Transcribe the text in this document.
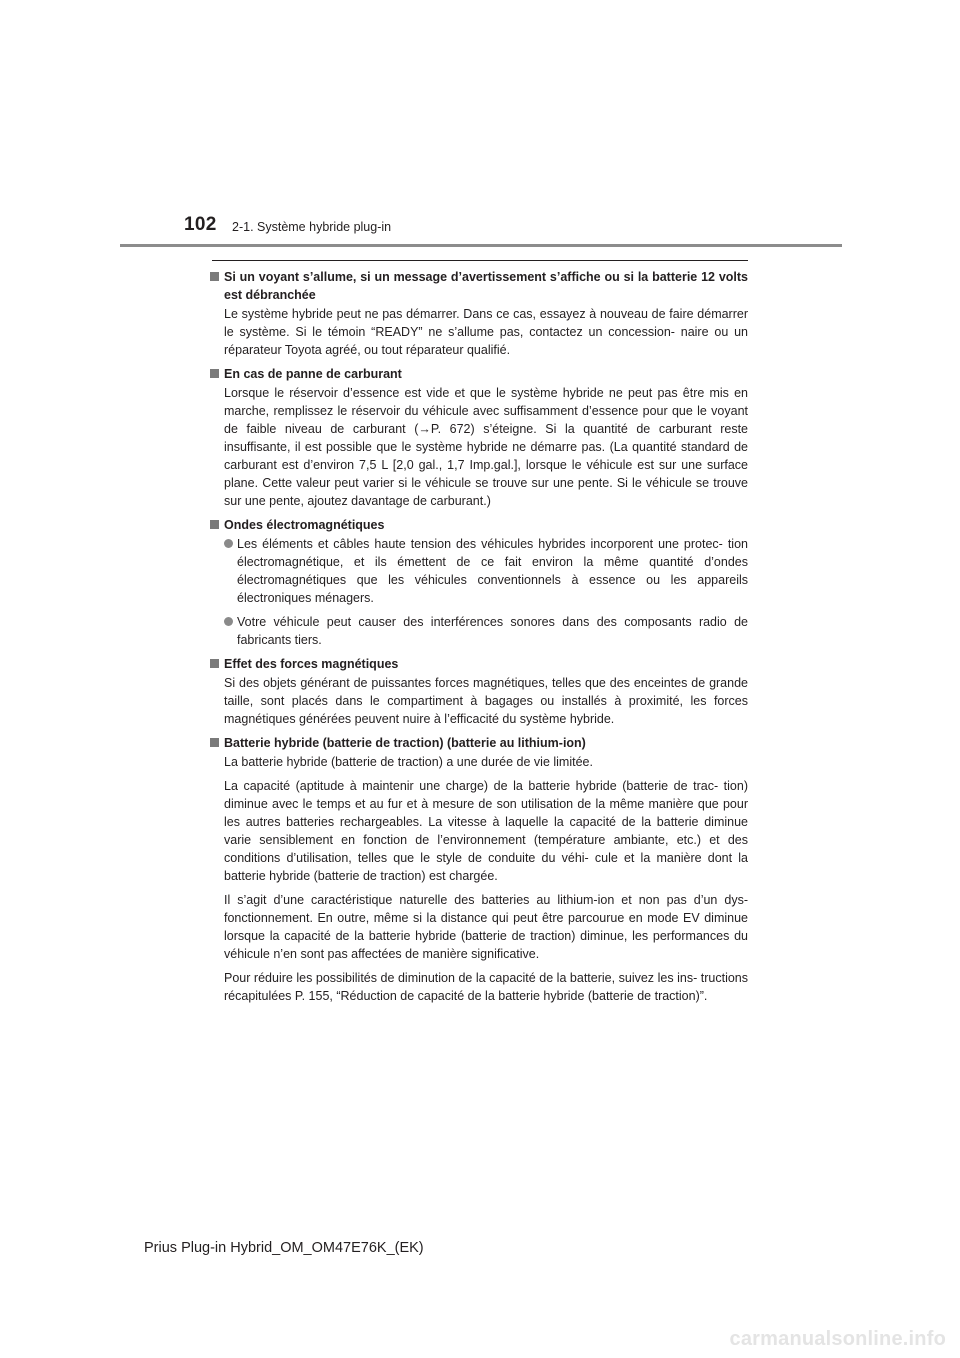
102 2-1. Système hybride plug-in
Si un voyant s’allume, si un message d’avertissement s’affiche ou si la batterie 12 volts est débranchée
Le système hybride peut ne pas démarrer. Dans ce cas, essayez à nouveau de faire démarrer le système. Si le témoin “READY” ne s’allume pas, contactez un concession- naire ou un réparateur Toyota agréé, ou tout réparateur qualifié.
En cas de panne de carburant
Lorsque le réservoir d’essence est vide et que le système hybride ne peut pas être mis en marche, remplissez le réservoir du véhicule avec suffisamment d’essence pour que le voyant de faible niveau de carburant (→P. 672) s’éteigne. Si la quantité de carburant reste insuffisante, il est possible que le système hybride ne démarre pas. (La quantité standard de carburant est d’environ 7,5 L [2,0 gal., 1,7 Imp.gal.], lorsque le véhicule est sur une surface plane. Cette valeur peut varier si le véhicule se trouve sur une pente. Si le véhicule se trouve sur une pente, ajoutez davantage de carburant.)
Ondes électromagnétiques
Les éléments et câbles haute tension des véhicules hybrides incorporent une protec- tion électromagnétique, et ils émettent de ce fait environ la même quantité d’ondes électromagnétiques que les véhicules conventionnels à essence ou les appareils électroniques ménagers.
Votre véhicule peut causer des interférences sonores dans des composants radio de fabricants tiers.
Effet des forces magnétiques
Si des objets générant de puissantes forces magnétiques, telles que des enceintes de grande taille, sont placés dans le compartiment à bagages ou installés à proximité, les forces magnétiques générées peuvent nuire à l’efficacité du système hybride.
Batterie hybride (batterie de traction) (batterie au lithium-ion)
La batterie hybride (batterie de traction) a une durée de vie limitée.
La capacité (aptitude à maintenir une charge) de la batterie hybride (batterie de trac- tion) diminue avec le temps et au fur et à mesure de son utilisation de la même manière que pour les autres batteries rechargeables. La vitesse à laquelle la capacité de la batterie diminue varie sensiblement en fonction de l’environnement (température ambiante, etc.) et des conditions d’utilisation, telles que le style de conduite du véhi- cule et la manière dont la batterie hybride (batterie de traction) est chargée.
Il s’agit d’une caractéristique naturelle des batteries au lithium-ion et non pas d’un dys- fonctionnement. En outre, même si la distance qui peut être parcourue en mode EV diminue lorsque la capacité de la batterie hybride (batterie de traction) diminue, les performances du véhicule n’en sont pas affectées de manière significative.
Pour réduire les possibilités de diminution de la capacité de la batterie, suivez les ins- tructions récapitulées P. 155, “Réduction de capacité de la batterie hybride (batterie de traction)”.
Prius Plug-in Hybrid_OM_OM47E76K_(EK)
carmanualsonline.info
